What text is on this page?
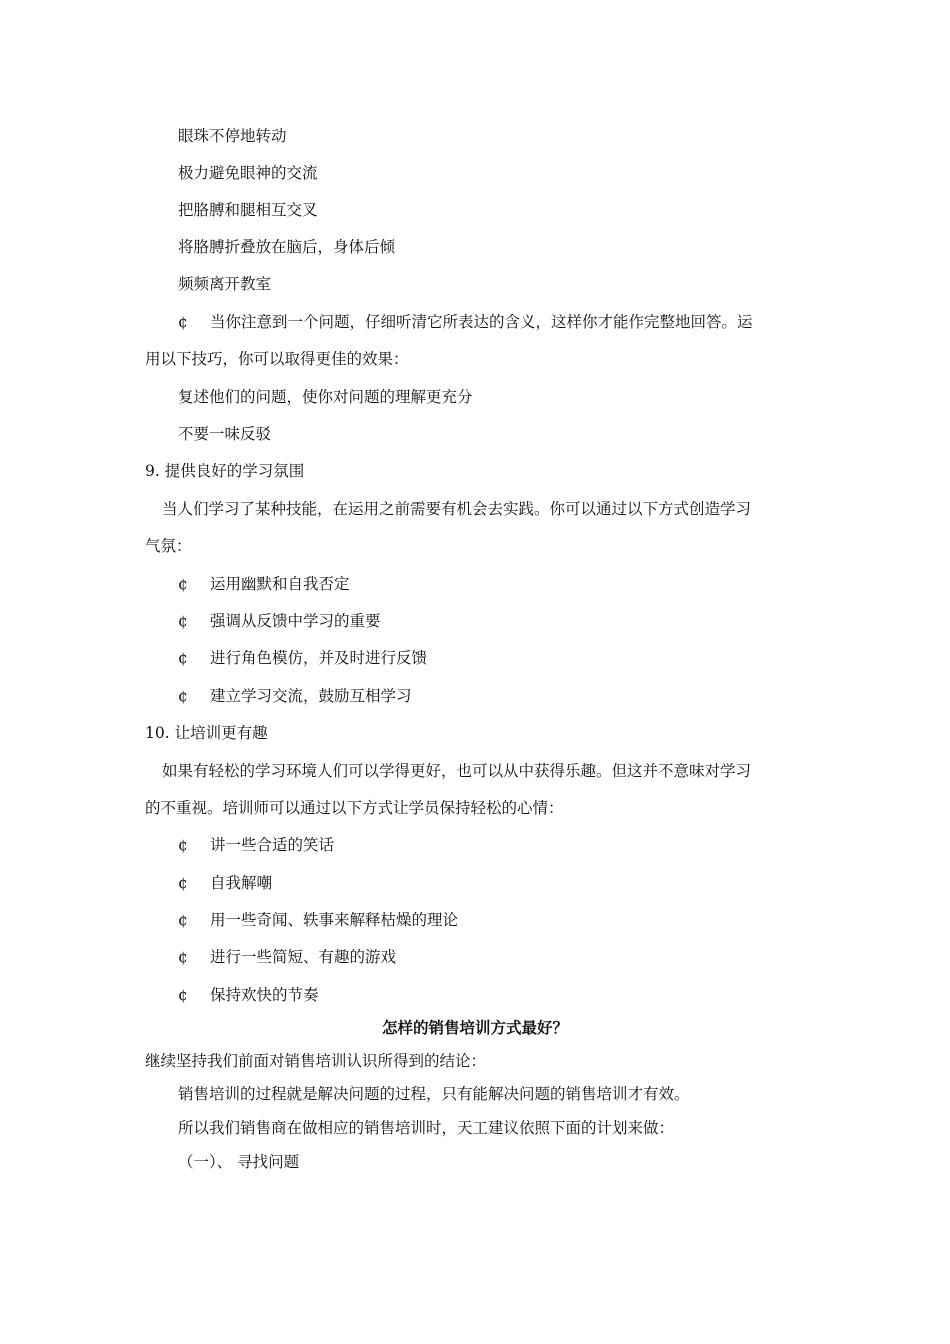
眼珠不停地转动
极力避免眼神的交流
把胳膊和腿相互交叉
将胳膊折叠放在脑后，身体后倾
频频离开教室
¢ 当你注意到一个问题，仔细听清它所表达的含义，这样你才能作完整地回答。运
用以下技巧，你可以取得更佳的效果：
复述他们的问题，使你对问题的理解更充分
不要一味反驳
9. 提供良好的学习氛围
当人们学习了某种技能，在运用之前需要有机会去实践。你可以通过以下方式创造学习
气氛：
¢ 运用幽默和自我否定
¢ 强调从反馈中学习的重要
¢ 进行角色模仿，并及时进行反馈
¢ 建立学习交流，鼓励互相学习
10. 让培训更有趣
如果有轻松的学习环境人们可以学得更好，也可以从中获得乐趣。但这并不意味对学习
的不重视。培训师可以通过以下方式让学员保持轻松的心情：
¢ 讲一些合适的笑话
¢ 自我解嘲
¢ 用一些奇闻、轶事来解释枯燥的理论
¢ 进行一些简短、有趣的游戏
¢ 保持欢快的节奏
怎样的销售培训方式最好？
继续坚持我们前面对销售培训认识所得到的结论：
销售培训的过程就是解决问题的过程，只有能解决问题的销售培训才有效。
所以我们销售商在做相应的销售培训时，天工建议依照下面的计划来做：
（一）、 寻找问题
